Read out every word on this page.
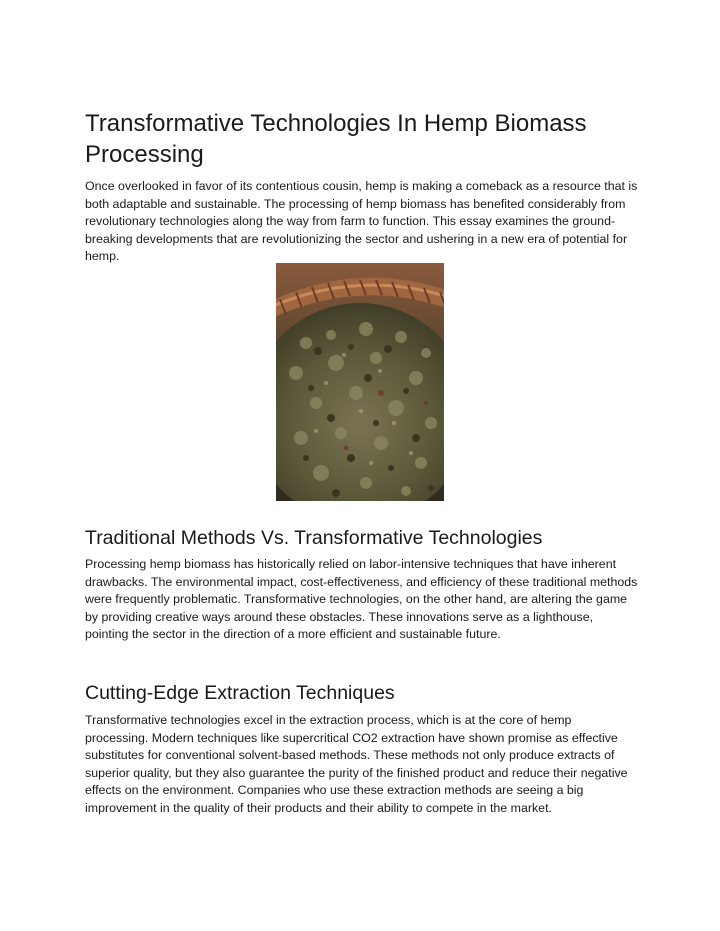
Transformative Technologies In Hemp Biomass Processing

Once overlooked in favor of its contentious cousin, hemp is making a comeback as a resource that is both adaptable and sustainable. The processing of hemp biomass has benefited considerably from revolutionary technologies along the way from farm to function. This essay examines the ground-breaking developments that are revolutionizing the sector and ushering in a new era of potential for hemp.

Traditional Methods Vs. Transformative Technologies

Processing hemp biomass has historically relied on labor-intensive techniques that have inherent drawbacks. The environmental impact, cost-effectiveness, and efficiency of these traditional methods were frequently problematic. Transformative technologies, on the other hand, are altering the game by providing creative ways around these obstacles. These innovations serve as a lighthouse, pointing the sector in the direction of a more efficient and sustainable future.

Cutting-Edge Extraction Techniques

Transformative technologies excel in the extraction process, which is at the core of hemp processing. Modern techniques like supercritical CO2 extraction have shown promise as effective substitutes for conventional solvent-based methods. These methods not only produce extracts of superior quality, but they also guarantee the purity of the finished product and reduce their negative effects on the environment. Companies who use these extraction methods are seeing a big improvement in the quality of their products and their ability to compete in the market.
